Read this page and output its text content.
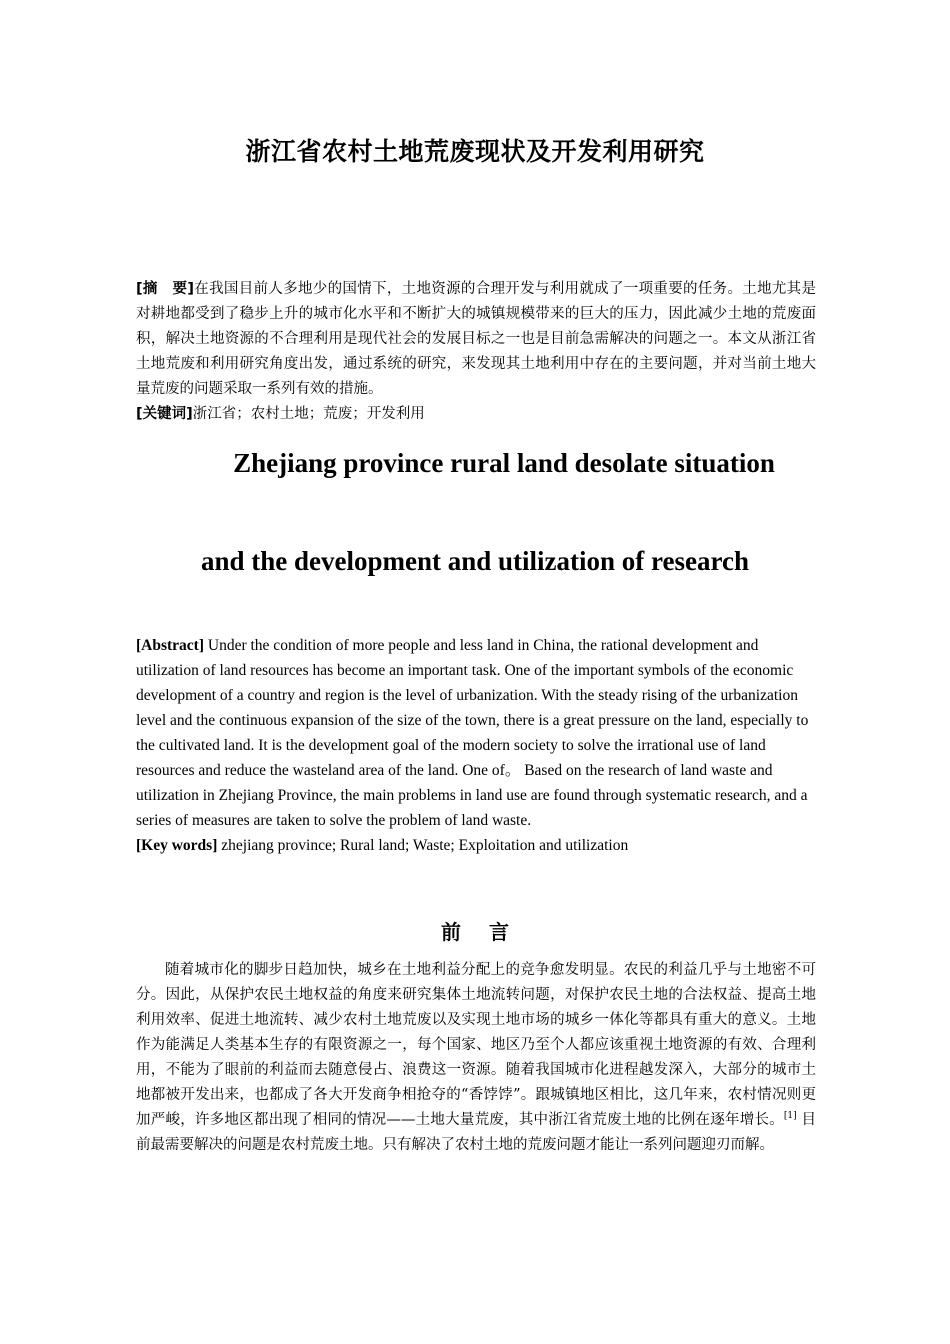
浙江省农村土地荒废现状及开发利用研究
[摘　要]在我国目前人多地少的国情下，土地资源的合理开发与利用就成了一项重要的任务。土地尤其是对耕地都受到了稳步上升的城市化水平和不断扩大的城镇规模带来的巨大的压力，因此减少土地的荒废面积，解决土地资源的不合理利用是现代社会的发展目标之一也是目前急需解决的问题之一。本文从浙江省土地荒废和利用研究角度出发，通过系统的研究，来发现其土地利用中存在的主要问题，并对当前土地大量荒废的问题采取一系列有效的措施。
[关键词]浙江省；农村土地；荒废；开发利用
Zhejiang province rural land desolate situation
and the development and utilization of research
[Abstract] Under the condition of more people and less land in China, the rational development and utilization of land resources has become an important task. One of the important symbols of the economic development of a country and region is the level of urbanization. With the steady rising of the urbanization level and the continuous expansion of the size of the town, there is a great pressure on the land, especially to the cultivated land. It is the development goal of the modern society to solve the irrational use of land resources and reduce the wasteland area of the land. One of。 Based on the research of land waste and utilization in Zhejiang Province, the main problems in land use are found through systematic research, and a series of measures are taken to solve the problem of land waste.
[Key words] zhejiang province; Rural land; Waste; Exploitation and utilization
前言
随着城市化的脚步日趋加快，城乡在土地利益分配上的竞争愈发明显。农民的利益几乎与土地密不可分。因此，从保护农民土地权益的角度来研究集体土地流转问题，对保护农民土地的合法权益、提高土地利用效率、促进土地流转、减少农村土地荒废以及实现土地市场的城乡一体化等都具有重大的意义。土地作为能满足人类基本生存的有限资源之一，每个国家、地区乃至个人都应该重视土地资源的有效、合理利用，不能为了眼前的利益而去随意侵占、浪费这一资源。随着我国城市化进程越发深入，大部分的城市土地都被开发出来，也都成了各大开发商争相抢夺的“香饽饽”。跟城镇地区相比，这几年来，农村情况则更加严峻，许多地区都出现了相同的情况——土地大量荒废，其中浙江省荒废土地的比例在逐年增长。[1] 目前最需要解决的问题是农村荒废土地。只有解决了农村土地的荒废问题才能让一系列问题迎刃而解。
